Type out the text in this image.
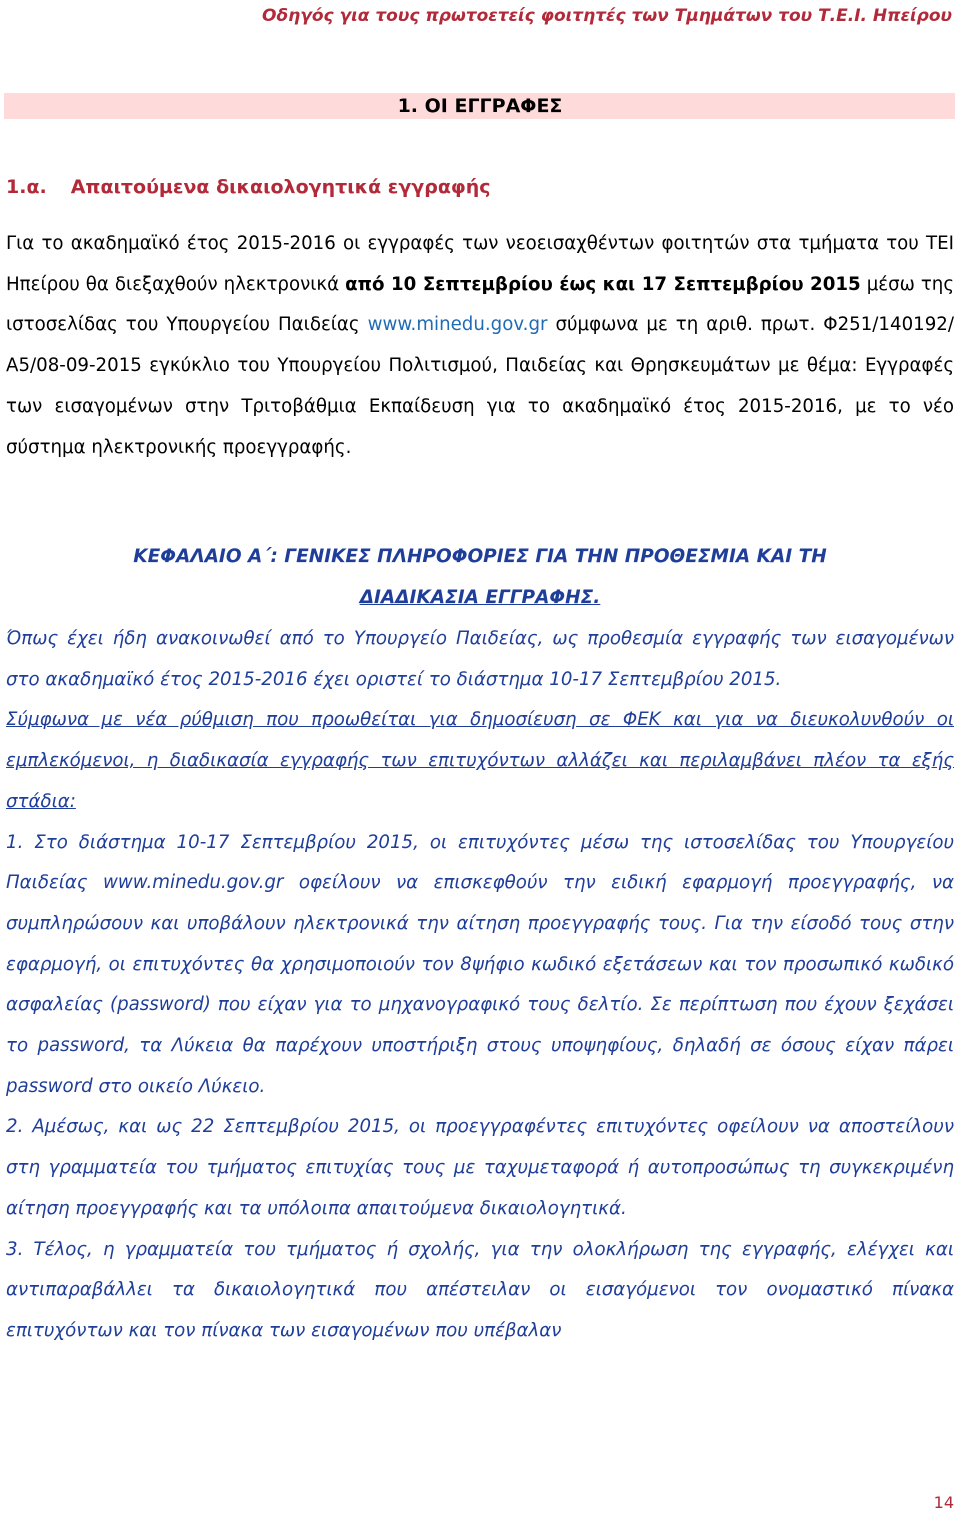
Οδηγός για τους πρωτοετείς φοιτητές των Τμημάτων του Τ.Ε.Ι. Ηπείρου
1. ΟΙ ΕΓΓΡΑΦΕΣ
1.α. Απαιτούμενα δικαιολογητικά εγγραφής
Για το ακαδημαϊκό έτος 2015-2016 οι εγγραφές των νεοεισαχθέντων φοιτητών στα τμήματα του ΤΕΙ Ηπείρου θα διεξαχθούν ηλεκτρονικά από 10 Σεπτεμβρίου έως και 17 Σεπτεμβρίου 2015 μέσω της ιστοσελίδας του Υπουργείου Παιδείας www.minedu.gov.gr σύμφωνα με τη αριθ. πρωτ. Φ251/140192/Α5/08-09-2015 εγκύκλιο του Υπουργείου Πολιτισμού, Παιδείας και Θρησκευμάτων με θέμα: Εγγραφές των εισαγομένων στην Τριτοβάθμια Εκπαίδευση για το ακαδημαϊκό έτος 2015-2016, με το νέο σύστημα ηλεκτρονικής προεγγραφής.
ΚΕΦΑΛΑΙΟ Α΄: ΓΕΝΙΚΕΣ ΠΛΗΡΟΦΟΡΙΕΣ ΓΙΑ ΤΗΝ ΠΡΟΘΕΣΜΙΑ ΚΑΙ ΤΗ
ΔΙΑΔΙΚΑΣΙΑ ΕΓΓΡΑΦΗΣ.

Όπως έχει ήδη ανακοινωθεί από το Υπουργείο Παιδείας, ως προθεσμία εγγραφής των εισαγομένων στο ακαδημαϊκό έτος 2015-2016 έχει οριστεί το διάστημα 10-17 Σεπτεμβρίου 2015.

Σύμφωνα με νέα ρύθμιση που προωθείται για δημοσίευση σε ΦΕΚ και για να διευκολυνθούν οι εμπλεκόμενοι, η διαδικασία εγγραφής των επιτυχόντων αλλάζει και περιλαμβάνει πλέον τα εξής στάδια:

1. Στο διάστημα 10-17 Σεπτεμβρίου 2015, οι επιτυχόντες μέσω της ιστοσελίδας του Υπουργείου Παιδείας www.minedu.gov.gr οφείλουν να επισκεφθούν την ειδική εφαρμογή προεγγραφής, να συμπληρώσουν και υποβάλουν ηλεκτρονικά την αίτηση προεγγραφής τους. Για την είσοδό τους στην εφαρμογή, οι επιτυχόντες θα χρησιμοποιούν τον 8ψήφιο κωδικό εξετάσεων και τον προσωπικό κωδικό ασφαλείας (password) που είχαν για το μηχανογραφικό τους δελτίο. Σε περίπτωση που έχουν ξεχάσει το password, τα Λύκεια θα παρέχουν υποστήριξη στους υποψηφίους, δηλαδή σε όσους είχαν πάρει password στο οικείο Λύκειο.

2. Αμέσως, και ως 22 Σεπτεμβρίου 2015, οι προεγγραφέντες επιτυχόντες οφείλουν να αποστείλουν στη γραμματεία του τμήματος επιτυχίας τους με ταχυμεταφορά ή αυτοπροσώπως τη συγκεκριμένη αίτηση προεγγραφής και τα υπόλοιπα απαιτούμενα δικαιολογητικά.

3. Τέλος, η γραμματεία του τμήματος ή σχολής, για την ολοκλήρωση της εγγραφής, ελέγχει και αντιπαραβάλλει τα δικαιολογητικά που απέστειλαν οι εισαγόμενοι τον ονομαστικό πίνακα επιτυχόντων και τον πίνακα των εισαγομένων που υπέβαλαν

14
